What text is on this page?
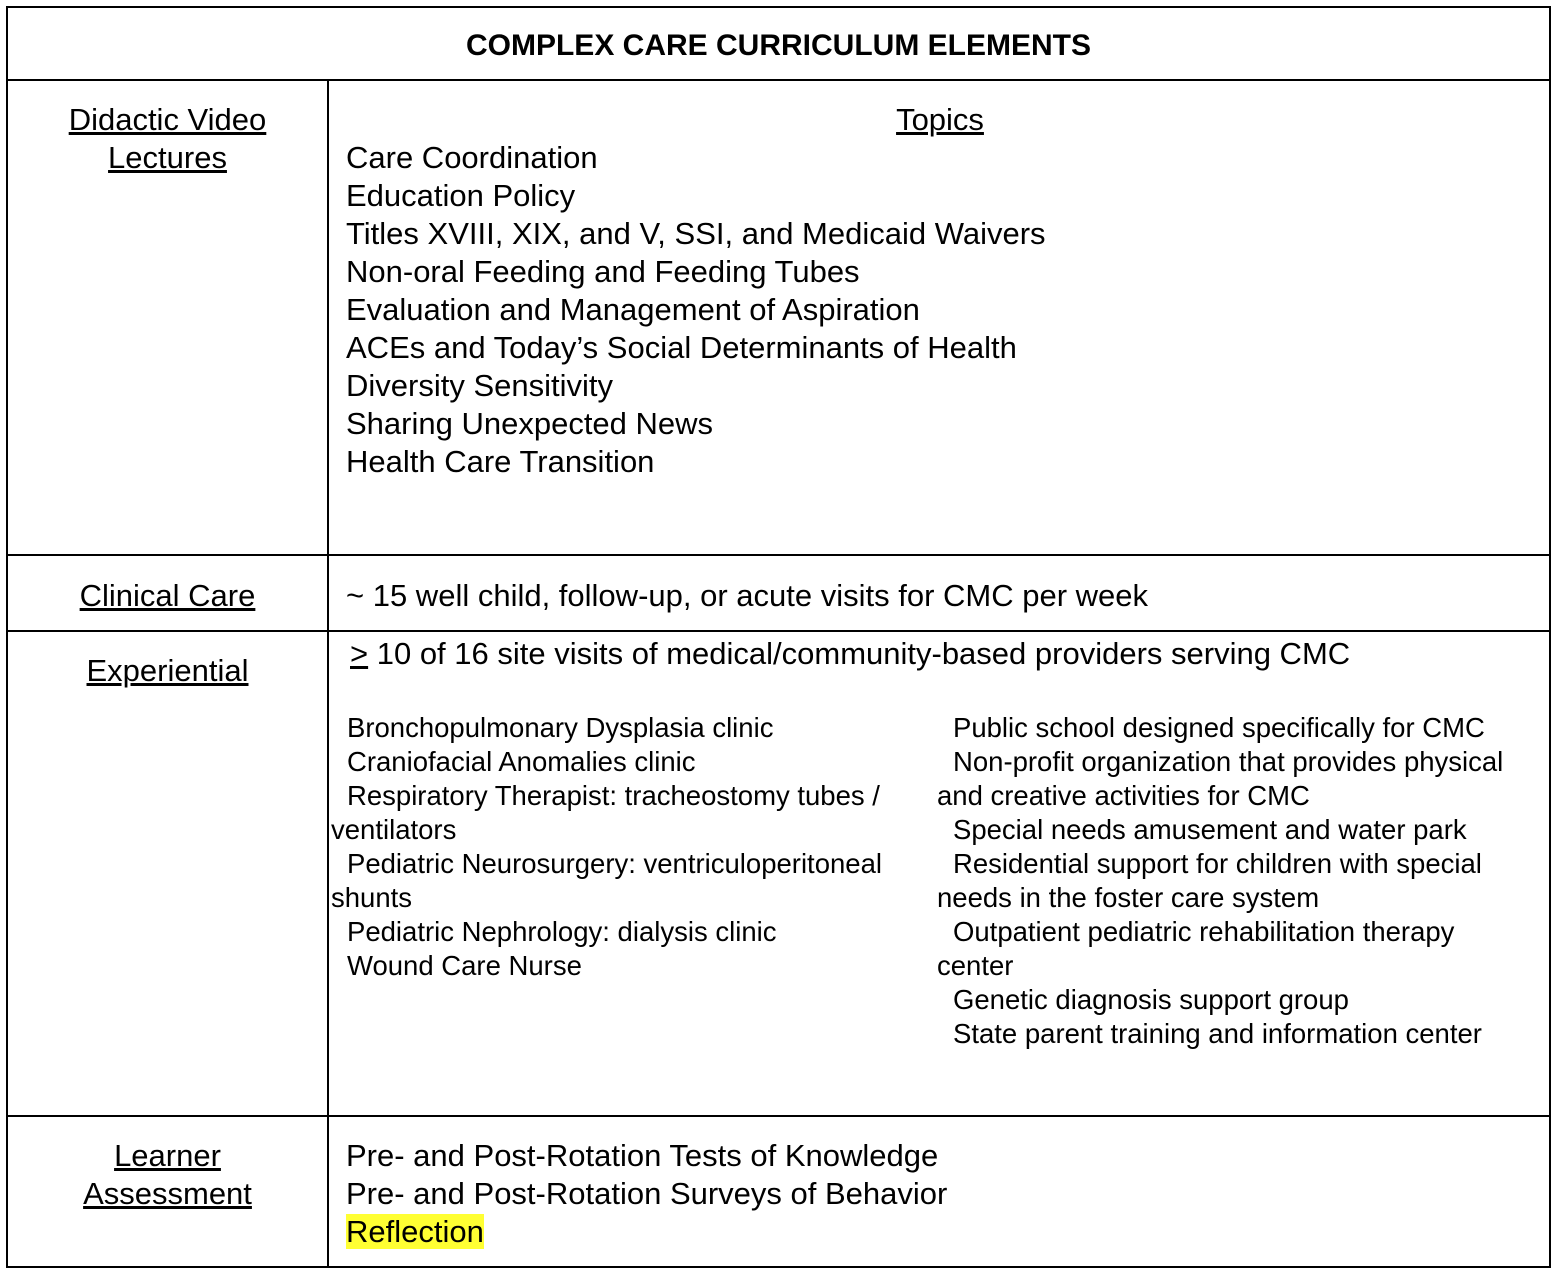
COMPLEX CARE CURRICULUM ELEMENTS
Didactic Video
Lectures
Topics
Care Coordination
Education Policy
Titles XVIII, XIX, and V, SSI, and Medicaid Waivers
Non-oral Feeding and Feeding Tubes
Evaluation and Management of Aspiration
ACEs and Today’s Social Determinants of Health
Diversity Sensitivity
Sharing Unexpected News
Health Care Transition
Clinical Care	~ 15 well child, follow-up, or acute visits for CMC per week
Experiential	≥ 10 of 16 site visits of medical/community-based providers serving CMC
Bronchopulmonary Dysplasia clinic
Craniofacial Anomalies clinic
Respiratory Therapist: tracheostomy tubes / ventilators
Pediatric Neurosurgery: ventriculoperitoneal shunts
Pediatric Nephrology: dialysis clinic
Wound Care Nurse
Public school designed specifically for CMC
Non-profit organization that provides physical and creative activities for CMC
Special needs amusement and water park
Residential support for children with special needs in the foster care system
Outpatient pediatric rehabilitation therapy center
Genetic diagnosis support group
State parent training and information center
Learner
Assessment
Pre- and Post-Rotation Tests of Knowledge
Pre- and Post-Rotation Surveys of Behavior
Reflection
